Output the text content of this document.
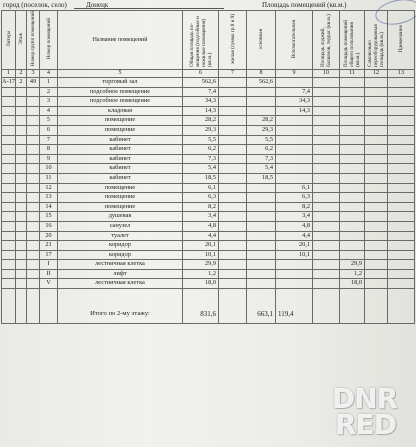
город (поселок, село)	Донецк	Площадь помещений (кв.м.)
Литера	Этаж	Номер групп помещений	Номер помещений	Название помещений	Общая площадь по-мещения (подсобные и нежилые помещения) (кв.м.)	жилая (сумма гр.8 и 9)	основная	Вспомогательная	Площадь лоджий, балконов, террас (кв.м.)	Площадь помещений общего пользования (кв.м.)	Самовольно переоборудованная площадь (кв.м.)	Примечание
1	2	3	4	5	6	7	8	9	10	11	12	13
А-17	2	49	1	торговый зал	562,6		562,6					
			2	подсобное помещение	7,4			7,4				
			3	подсобное помещение	34,3			34,3				
			4	кладовая	14,3			14,3				
			5	помещение	28,2		28,2					
			6	помещение	29,3		29,3					
			7	кабинет	5,5		5,5					
			8	кабинет	6,2		6,2					
			9	кабинет	7,3		7,3					
			10	кабинет	5,4		5,4					
			11	кабинет	18,5		18,5					
			12	помещение	6,1			6,1				
			13	помещение	6,3			6,3				
			14	помещение	8,2			8,2				
			15	душевая	3,4			3,4				
			16	санузел	4,8			4,8				
			20	туалет	4,4			4,4				
			21	коридор	20,1			20,1				
			17	коридор	10,1			10,1				
			I	лестничная клетка	29,9					29,9		
			II	лифт	1,2					1,2		
			V	лестничная клетка	18,0					18,0		
				Итого по 2-му этажу:	831,6		663,1	119,4				
DNR
RED
